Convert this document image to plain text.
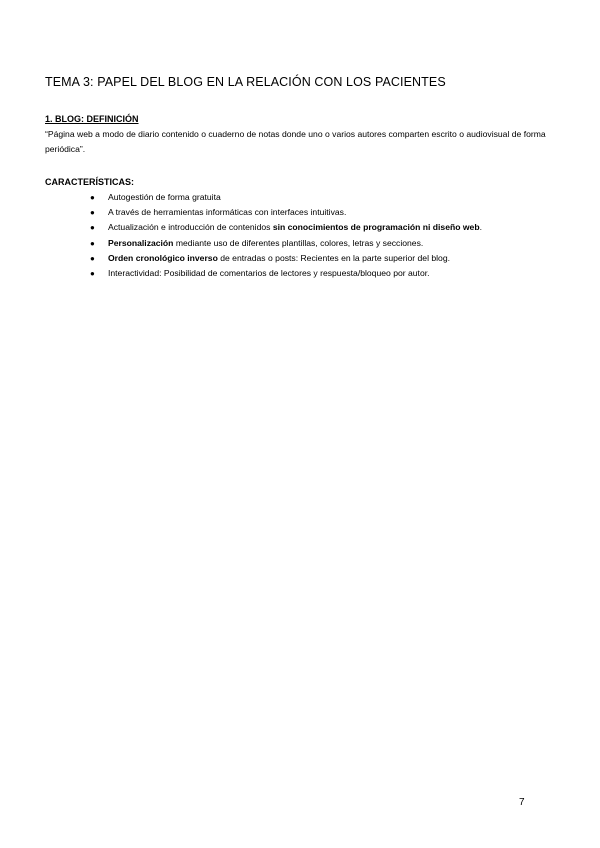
TEMA 3: PAPEL DEL BLOG EN LA RELACIÓN CON LOS PACIENTES
1. BLOG: DEFINICIÓN
“Página web a modo de diario contenido o cuaderno de notas donde uno o varios autores comparten escrito o audiovisual de forma periódica”.
CARACTERÍSTICAS:
● Autogestión de forma gratuita
● A través de herramientas informáticas con interfaces intuitivas.
● Actualización e introducción de contenidos sin conocimientos de programación ni diseño web.
● Personalización mediante uso de diferentes plantillas, colores, letras y secciones.
● Orden cronológico inverso de entradas o posts: Recientes en la parte superior del blog.
● Interactividad: Posibilidad de comentarios de lectores y respuesta/bloqueo por autor.
7
